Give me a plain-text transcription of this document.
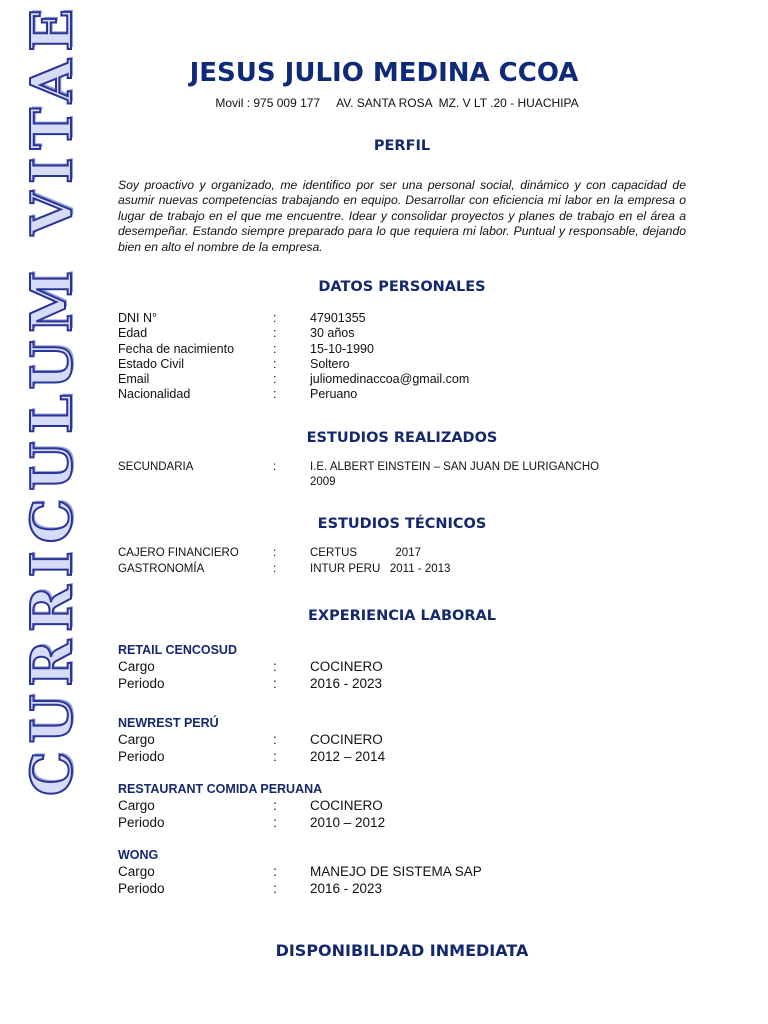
CURRICULUM VITAE	JESUS JULIO MEDINA CCOA
Movil : 975 009 177     AV. SANTA ROSA  MZ. V LT .20 - HUACHIPA
PERFIL
Soy proactivo y organizado, me identifico por ser una personal social, dinámico y con capacidad de asumir nuevas competencias trabajando en equipo. Desarrollar con eficiencia mi labor en la empresa o lugar de trabajo en el que me encuentre. Idear y consolidar proyectos y planes de trabajo en el área a desempeñar. Estando siempre preparado para lo que requiera mi labor. Puntual y responsable, dejando bien en alto el nombre de la empresa.
DATOS PERSONALES
DNI N°	:	47901355
Edad	:	30 años
Fecha de nacimiento	:	15-10-1990
Estado Civil	:	Soltero
Email	:	juliomedinaccoa@gmail.com
Nacionalidad	:	Peruano
ESTUDIOS REALIZADOS
SECUNDARIA	:	I.E. ALBERT EINSTEIN – SAN JUAN DE LURIGANCHO
2009
ESTUDIOS TÉCNICOS
CAJERO FINANCIERO	:	CERTUS            2017
GASTRONOMÍA	:	INTUR PERU   2011 - 2013
EXPERIENCIA LABORAL
RETAIL CENCOSUD
Cargo	: COCINERO
Periodo	: 2016 - 2023
NEWREST PERÚ
Cargo	: COCINERO
Periodo	: 2012 – 2014
RESTAURANT COMIDA PERUANA
Cargo	: COCINERO
Periodo	: 2010 – 2012
WONG
Cargo	: MANEJO DE SISTEMA SAP
Periodo	: 2016 - 2023
DISPONIBILIDAD INMEDIATA
